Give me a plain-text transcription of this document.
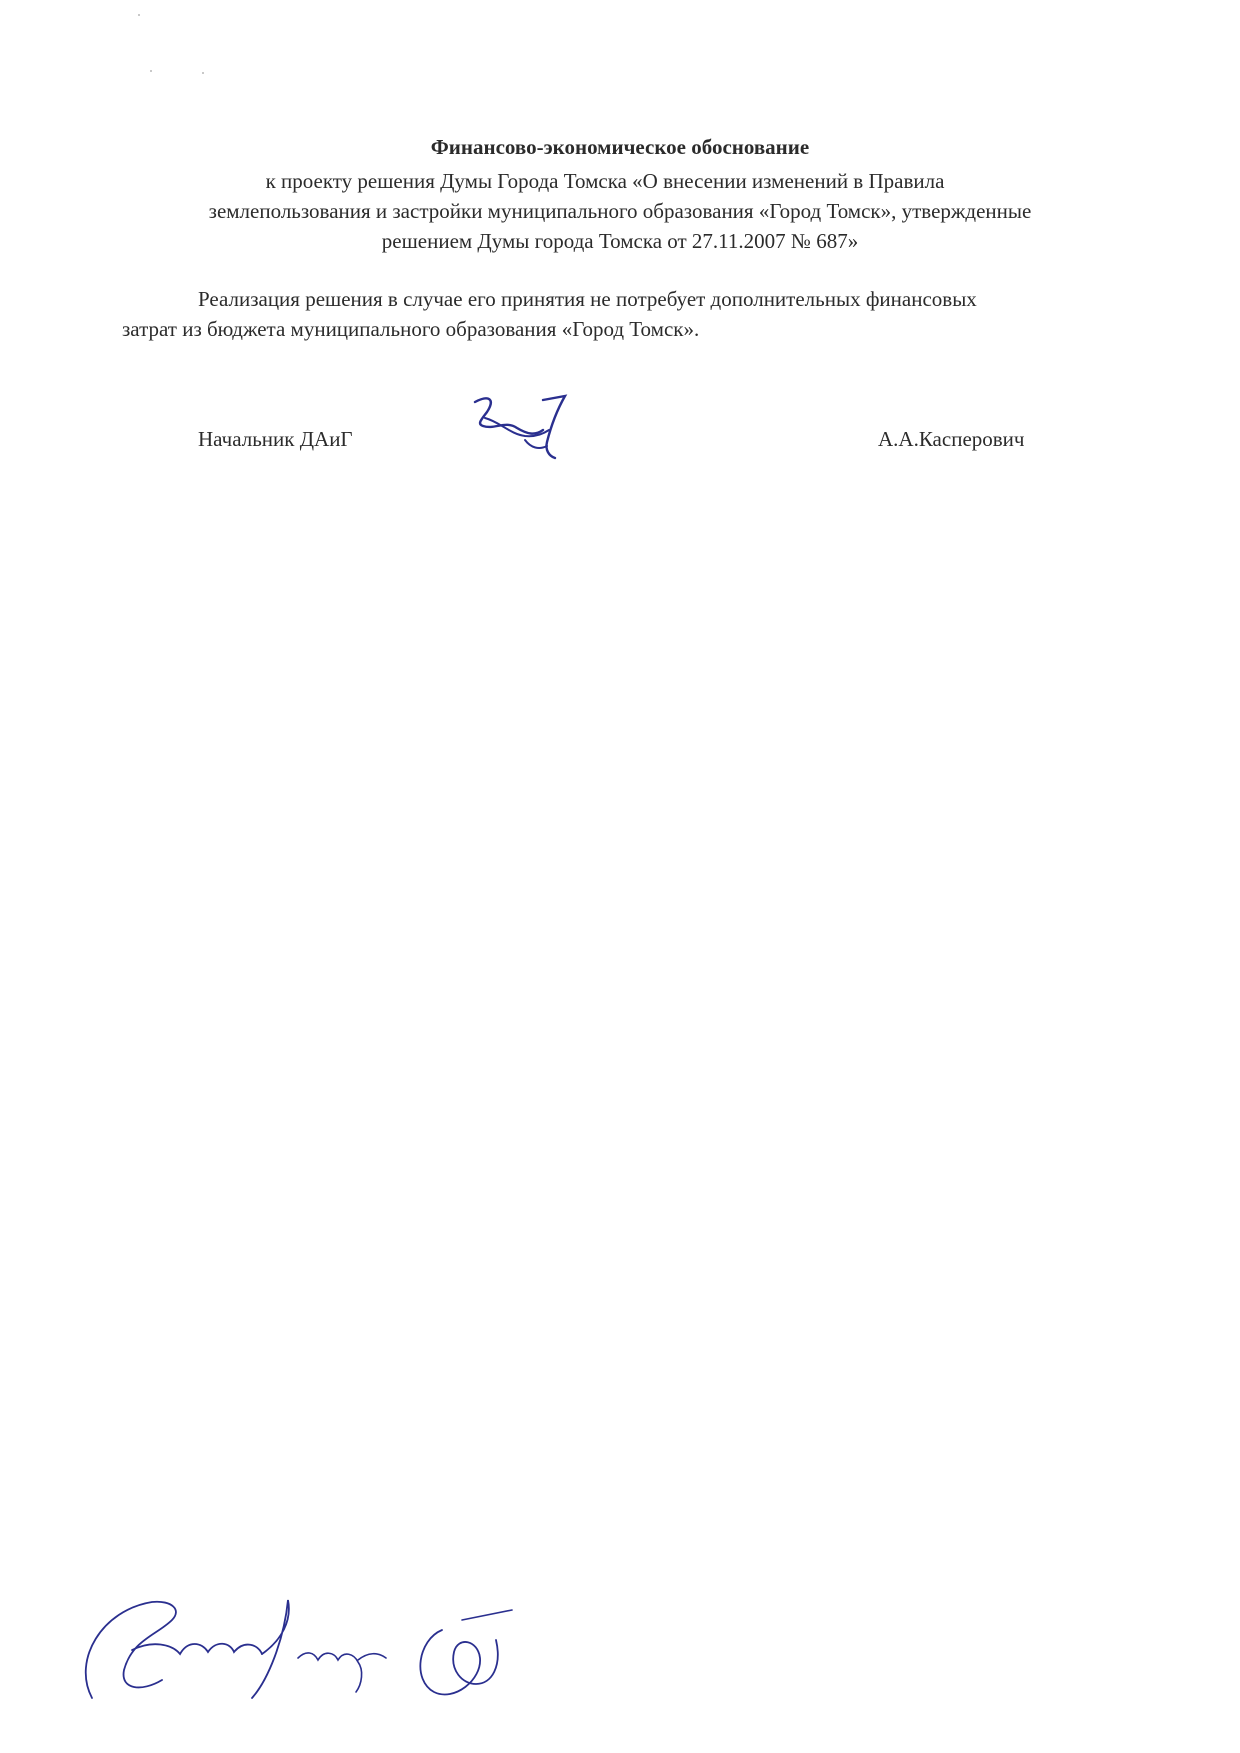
Финансово-экономическое обоснование
к проекту решения Думы Города Томска «О внесении изменений в Правила
землепользования и застройки муниципального образования «Город Томск», утвержденные
решением Думы города Томска от 27.11.2007 № 687»
Реализация решения в случае его принятия не потребует дополнительных финансовых
затрат из бюджета муниципального образования «Город Томск».
Начальник ДАиГ	А.А.Касперович
